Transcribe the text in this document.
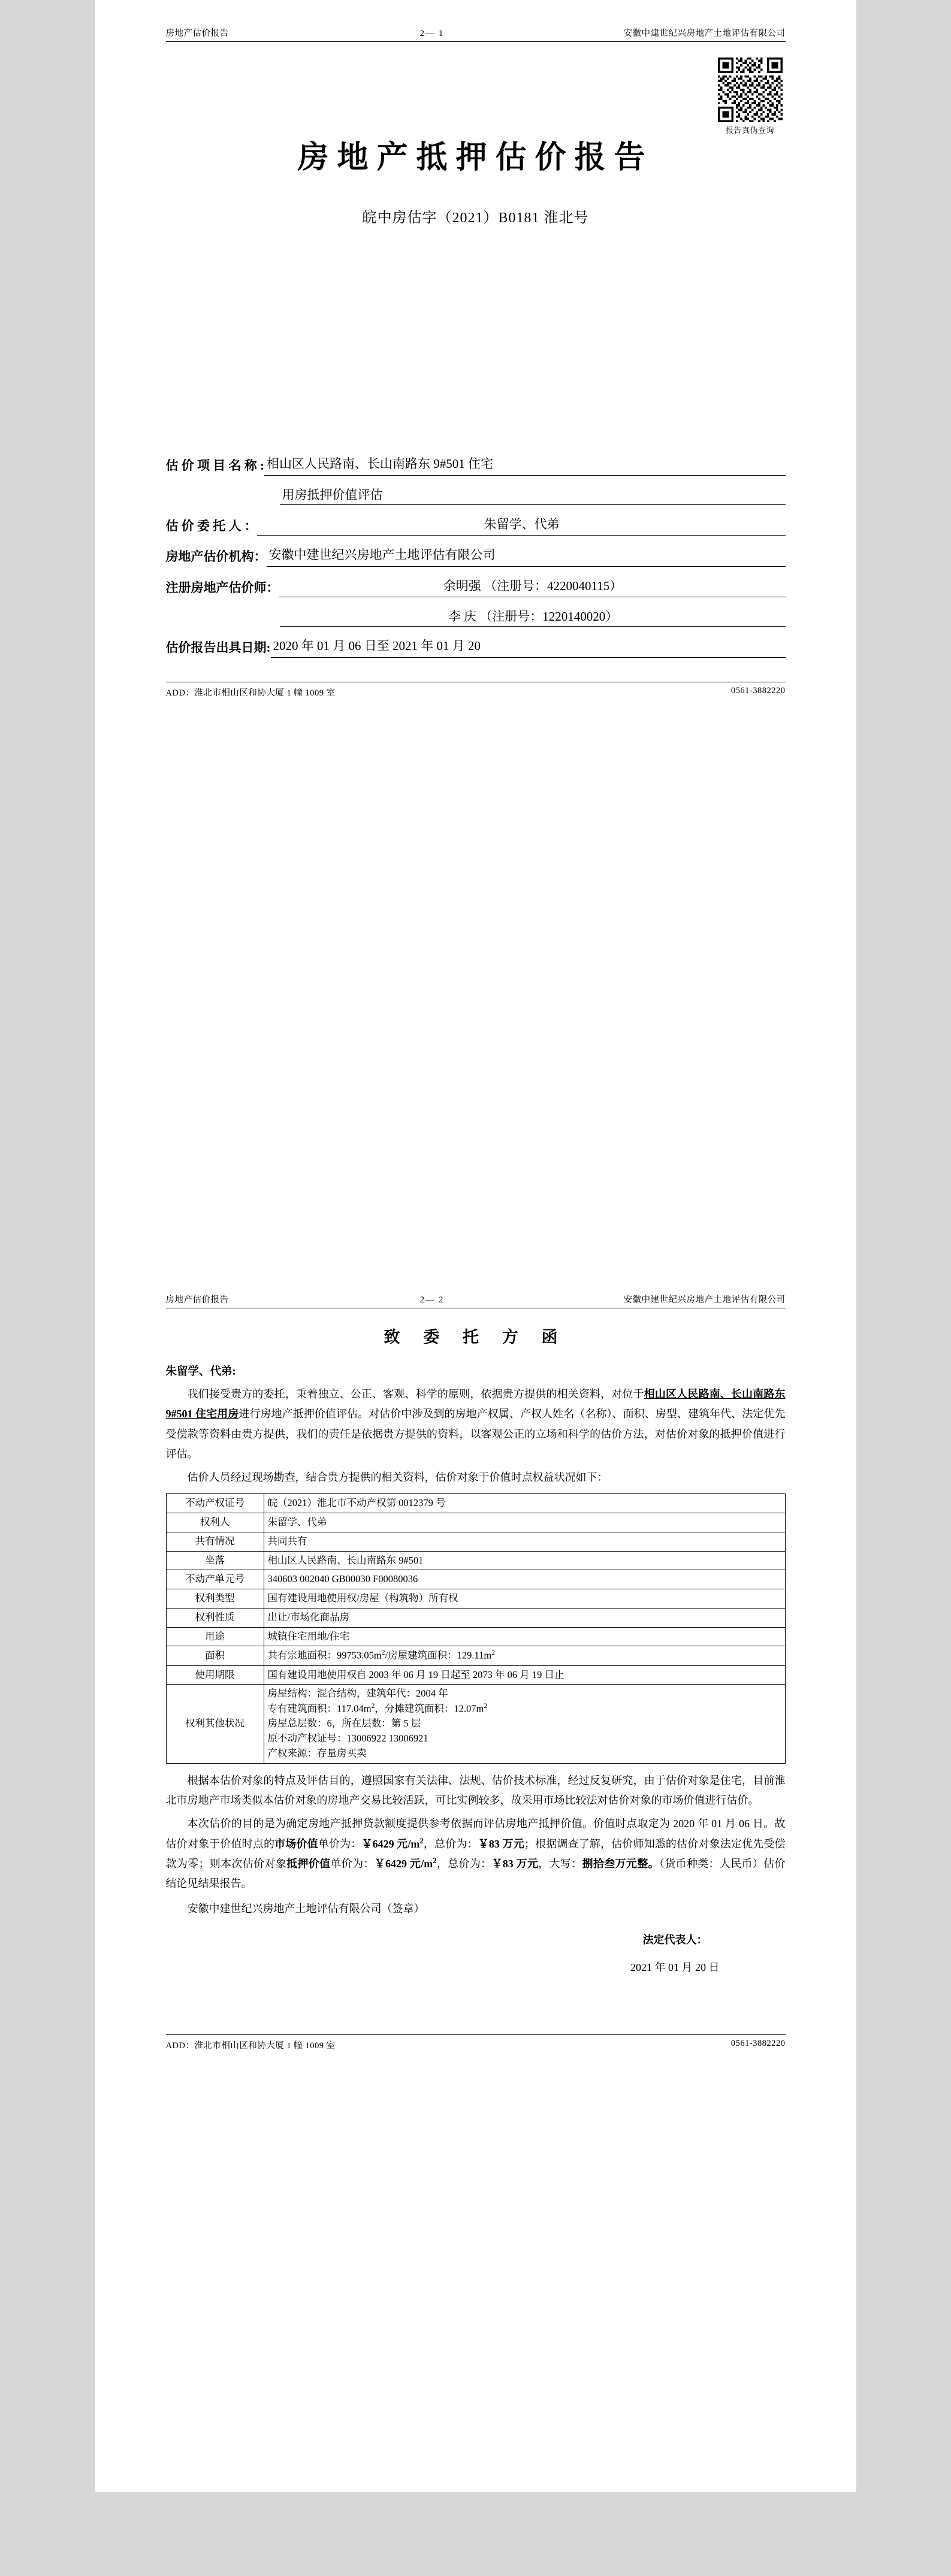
房地产估价报告	2— 1	安徽中建世纪兴房地产土地评估有限公司
报告真伪查询
房地产抵押估价报告
皖中房估字（2021）B0181 淮北号
估 价 项 目 名 称 : 相山区人民路南、长山南路东 9#501 住宅
用房抵押价值评估
估 价 委 托 人 ：	朱留学、代弟
房地产估价机构： 安徽中建世纪兴房地产土地评估有限公司
注册房地产估价师：	余明强 （注册号：4220040115）
李 庆 （注册号：1220140020）
估价报告出具日期: 2020 年 01 月 06 日至 2021 年 01 月 20
ADD：淮北市相山区和协大厦 1 幢 1009 室	0561-3882220
房地产估价报告	2— 2	安徽中建世纪兴房地产土地评估有限公司
致 委 托 方 函
朱留学、代弟:

我们接受贵方的委托，秉着独立、公正、客观、科学的原则，依据贵方提供的相关资料，对位于相山区人民路南、长山南路东 9#501 住宅用房进行房地产抵押价值评估。对估价中涉及到的房地产权属、产权人姓名（名称）、面积、房型、建筑年代、法定优先受偿款等资料由贵方提供，我们的责任是依据贵方提供的资料，以客观公正的立场和科学的估价方法，对估价对象的抵押价值进行评估。

估价人员经过现场勘查，结合贵方提供的相关资料，估价对象于价值时点权益状况如下：

不动产权证号	皖（2021）淮北市不动产权第 0012379 号
权利人	朱留学、代弟
共有情况	共同共有
坐落	相山区人民路南、长山南路东 9#501
不动产单元号	340603 002040 GB00030 F00080036
权利类型	国有建设用地使用权/房屋（构筑物）所有权
权利性质	出让/市场化商品房
用途	城镇住宅用地/住宅
面积	共有宗地面积：$99753.05m^2/$房屋建筑面积：$129.11m^2$
使用期限	国有建设用地使用权自 2003 年 06 月 19 日起至 2073 年 06 月 19 日止
权利其他状况	房屋结构：混合结构，建筑年代：2004 年
专有建筑面积：$117.04m^2$，分摊建筑面积：$12.07m^2$
房屋总层数：6，所在层数：第 5 层
原不动产权证号：13006922 13006921
产权来源：存量房买卖

根据本估价对象的特点及评估目的，遵照国家有关法律、法规、估价技术标准，经过反复研究，由于估价对象是住宅，目前淮北市房地产市场类似本估价对象的房地产交易比较活跃，可比实例较多，故采用市场比较法对估价对象的市场价值进行估价。

本次估价的目的是为确定房地产抵押贷款额度提供参考依据而评估房地产抵押价值。价值时点取定为 2020 年 01 月 06 日。故估价对象于价值时点的市场价值单价为：￥6429 元$/m^2$，总价为：￥83 万元；根据调查了解，估价师知悉的估价对象法定优先受偿款为零；则本次估价对象抵押价值单价为：￥6429 元$/m^2$，总价为：￥83 万元，大写：捌拾叁万元整。（货币种类：人民币）估价结论见结果报告。

安徽中建世纪兴房地产土地评估有限公司（签章）
法定代表人：
2021 年 01 月 20 日
ADD：淮北市相山区和协大厦 1 幢 1009 室	0561-3882220
